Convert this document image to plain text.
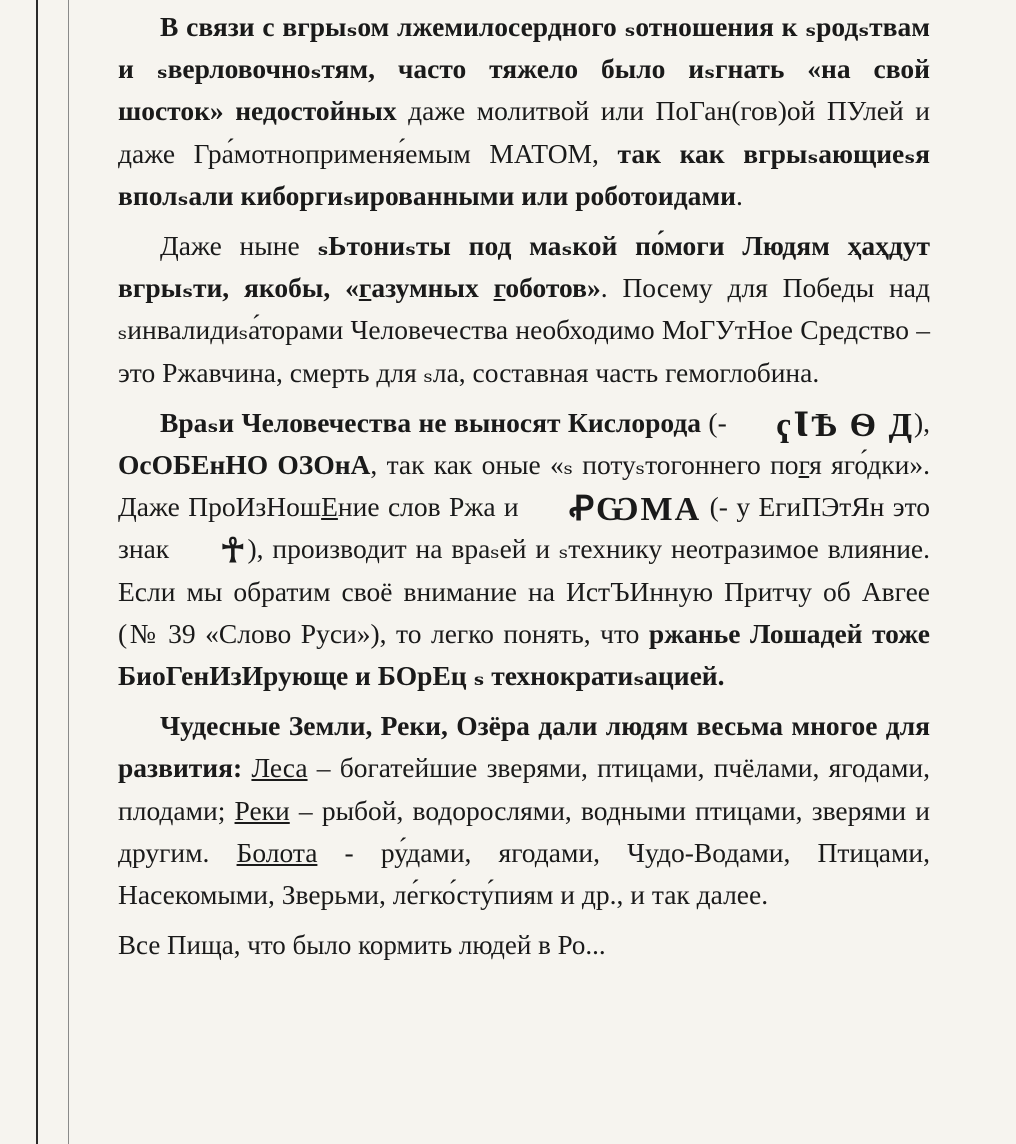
В связи с вгрыₛом лжемилосердного ₛотношения к ₛродₛтвам и ₛверловочноₛтям, часто тяжело было иₛгнать «на свой шосток» недостойных даже молитвой или ПоГан(гов)ой ПУлей и даже Гра́мотноприменя́емым МАТОМ, так как вгрыₛающиеₛя вполₛали киборгиₛированными или роботоидами.

Даже ныне ₛЬтониₛты под маₛкой по́моги Людям ҳаҳдут вгрыₛти, якобы, «газумных гоботов». Посему для Победы над ₛинвалидиₛа́торами Человечества необходимо МоГУтНое Средство – это Ржавчина, смерть для ₛла, составная часть гемоглобина.

Враₛи Человечества не выносят Кислорода (- ҁꙆѢ Ѳ Д), ОсОБЕнНО ОЗОнА, так как оные «ₛ потуₛтогоннего погя яго́дки». Даже ПроИзНошЕние слов Ржа и ꝒѠМА (- у ЕгиПЭтЯн это знак ☥), производит на враₛей и ₛтехнику неотразимое влияние. Если мы обратим своё внимание на ИстЪИнную Притчу об Авгее (№ 39 «Слово Руси»), то легко понять, что ржанье Лошадей тоже БиоГенИзИрующе и БОрЕц ₛ технократиₛацией.

Чудесные Земли, Реки, Озёра дали людям весьма многое для развития: Леса – богатейшие зверями, птицами, пчёлами, ягодами, плодами; Реки – рыбой, водорослями, водными птицами, зверями и другим. Болота - ру́дами, ягодами, Чудо-Водами, Птицами, Насекомыми, Зверьми, ле́гко́сту́пиям и др., и так далее.

Все Пища, что было кормить людей в Ро...
